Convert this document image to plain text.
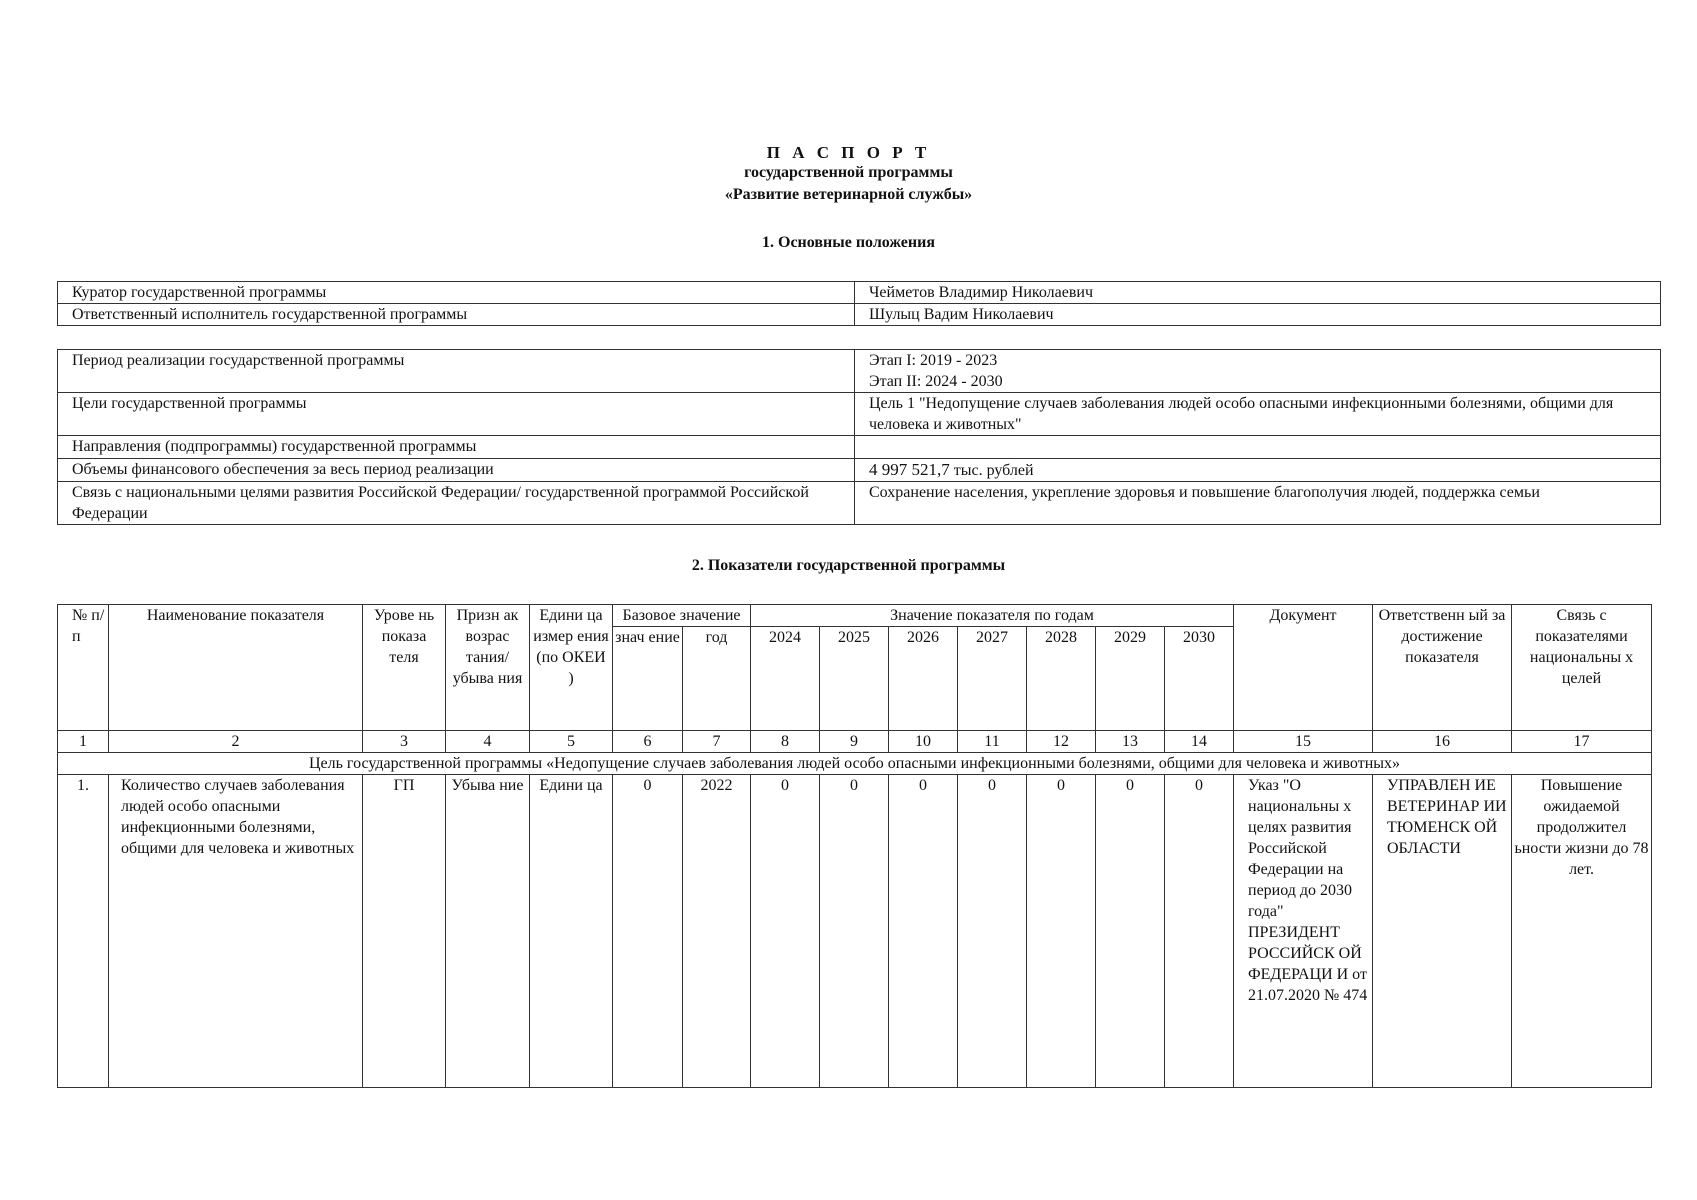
П А С П О Р Т
государственной программы
«Развитие ветеринарной службы»
1. Основные положения
Куратор государственной программы	Чейметов Владимир Николаевич
Ответственный исполнитель государственной программы	Шулыц Вадим Николаевич
Период реализации государственной программы	Этап I: 2019 - 2023
Этап II: 2024 - 2030

Цели государственной программы	Цель 1 "Недопущение случаев заболевания людей особо опасными инфекционными болезнями, общими для человека и животных"
Направления (подпрограммы) государственной программы	
Объемы финансового обеспечения за весь период реализации	4 997 521,7 тыс. рублей
Связь с национальными целями развития Российской Федерации/ государственной программой Российской Федерации	Сохранение населения, укрепление здоровья и повышение благополучия людей, поддержка семьи
2. Показатели государственной программы
№ п/ п	Наименование показателя	Урове нь показа теля	Призн ак возрас тания/ убыва ния	Едини ца измер ения (по ОКЕИ )	Базовое значение		Значение показателя по годам							Документ	Ответственн ый за достижение показателя	Связь с показателями национальны х целей

					знач ение	год	2024	2025	2026	2027	2028	2029	2030			
1	2	3	4	5	6	7	8	9	10	11	12	13	14	15	16	17
Цель государственной программы «Недопущение случаев заболевания людей особо опасными инфекционными болезнями, общими для человека и животных»																
1.	Количество случаев заболевания людей особо опасными инфекционными болезнями, общими для человека и животных	ГП	Убыва ние	Едини ца	0	2022	0	0	0	0	0	0	0	Указ "О национальны х целях развития Российской Федерации на период до 2030 года" ПРЕЗИДЕНТ РОССИЙСК ОЙ ФЕДЕРАЦИ И от 21.07.2020 № 474	УПРАВЛЕН ИЕ ВЕТЕРИНАР ИИ ТЮМЕНСК ОЙ ОБЛАСТИ	Повышение ожидаемой продолжител ьности жизни до 78 лет.
